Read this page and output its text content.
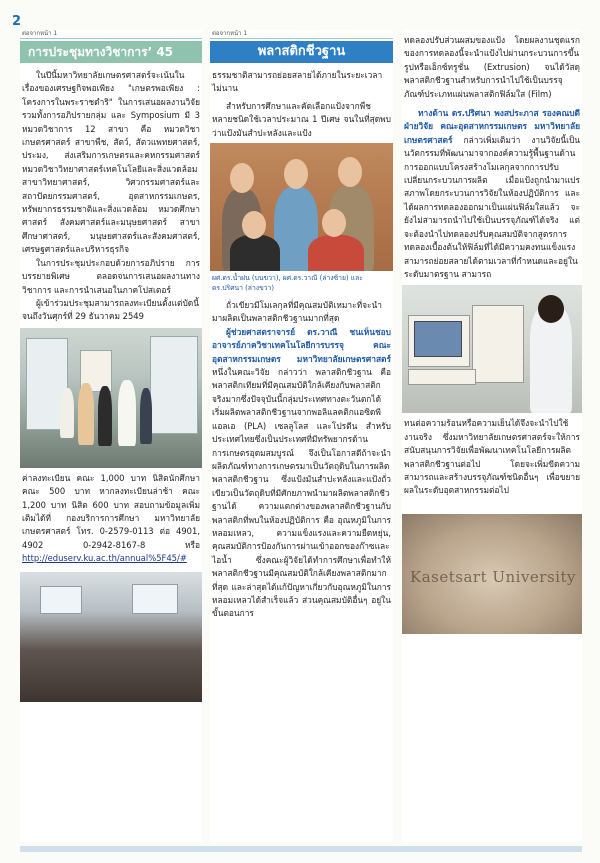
2
ต่อจากหน้า 1
การประชุมทางวิชาการ’ 45

ในปีนี้มหาวิทยาลัยเกษตรศาสตร์จะเน้นในเรื่องของเศรษฐกิจพอเพียง "เกษตรพอเพียง : โครงการในพระราชดำริ" ในการเสนอผลงานวิจัยรวมทั้งการอภิปรายกลุ่ม และ Symposium มี 3 หมวดวิชาการ 12 สาขา คือ หมวดวิชาเกษตรศาสตร์ สาขาพืช, สัตว์, สัตวแพทยศาสตร์, ประมง, ส่งเสริมการเกษตรและคหกรรมศาสตร์ หมวดวิชาวิทยาศาสตร์เทคโนโลยีและสิ่งแวดล้อม สาขาวิทยาศาสตร์, วิศวกรรมศาสตร์และสถาปัตยกรรมศาสตร์, อุตสาหกรรมเกษตร, ทรัพยากรธรรมชาติและสิ่งแวดล้อม หมวดศึกษาศาสตร์ สังคมศาสตร์และมนุษยศาสตร์ สาขาศึกษาศาสตร์, มนุษยศาสตร์และสังคมศาสตร์, เศรษฐศาสตร์และบริหารธุรกิจ

ในการประชุมประกอบด้วยการอภิปราย การบรรยายพิเศษ ตลอดจนการเสนอผลงานทางวิชาการ และการนำเสนอในภาคโปสเตอร์

ผู้เข้าร่วมประชุมสามารถลงทะเบียนตั้งแต่บัดนี้จนถึงวันศุกร์ที่ 29 ธันวาคม 2549

ค่าลงทะเบียน คณะ 1,000 บาท นิสิตนักศึกษา คณะ 500 บาท หากลงทะเบียนล่าช้า คณะ 1,200 บาท นิสิต 600 บาท สอบถามข้อมูลเพิ่มเติมได้ที่ กองบริการการศึกษา มหาวิทยาลัยเกษตรศาสตร์ โทร. 0-2579-0113 ต่อ 4901, 4902 0-2942-8167-8 หรือ http://eduserv.ku.ac.th/annual%5F45/#

ต่อจากหน้า 1
พลาสติกชีวฐาน

ธรรมชาติสามารถย่อยสลายได้ภายในระยะเวลาไม่นาน

สำหรับการศึกษาและคัดเลือกแป้งจากพืชหลายชนิดใช้เวลาประมาณ 1 ปีเศษ จนในที่สุดพบว่าแป้งมันสำปะหลังและแป้ง

ผศ.ดร.น้ำฝน (บนขวา), ผศ.ดร.วาณี (ล่างซ้าย) และ ดร.ปริศนา (ล่างขวา)

ถั่วเขียวมีโมเลกุลที่มีคุณสมบัติเหมาะที่จะนำมาผลิตเป็นพลาสติกชีวฐานมากที่สุด

ผู้ช่วยศาสตราจารย์ ดร.วาณี ชนเห็นชอบ อาจารย์ภาควิชาเทคโนโลยีการบรรจุ คณะอุตสาหกรรมเกษตร มหาวิทยาลัยเกษตรศาสตร์ หนึ่งในคณะวิจัย กล่าวว่า พลาสติกชีวฐาน คือ พลาสติกเทียมที่มีคุณสมบัติใกล้เคียงกับพลาสติกจริงมากซึ่งปัจจุบันนี้กลุ่มประเทศทางตะวันตกได้เริ่มผลิตพลาสติกชีวฐานจากพอลิแลคติกแอซิดพีแอลเอ (PLA) เซลลูโลส และโปรตีน สำหรับประเทศไทยซึ่งเป็นประเทศที่มีทรัพยากรด้านการเกษตรอุดมสมบูรณ์ จึงเป็นโอกาสดีถ้าจะนำผลิตภัณฑ์ทางการเกษตรมาเป็นวัตถุดิบในการผลิตพลาสติกชีวฐาน ซึ่งแป้งมันสำปะหลังและแป้งถั่วเขียวเป็นวัตถุดิบที่มีศักยภาพนำมาผลิตพลาสติกชีวฐานได้ ความแตกต่างของพลาสติกชีวฐานกับพลาสติกที่พบในห้องปฏิบัติการ คือ อุณหภูมิในการหลอมเหลว, ความแข็งแรงและความยืดหยุ่น, คุณสมบัติการป้องกันการผ่านเข้าออกของก๊าซและไอน้ำ ซึ่งคณะผู้วิจัยได้ทำการศึกษาเพื่อทำให้พลาสติกชีวฐานมีคุณสมบัติใกล้เคียงพลาสติกมากที่สุด และล่าสุดได้แก้ปัญหาเกี่ยวกับอุณหภูมิในการหลอมเหลวได้สำเร็จแล้ว ส่วนคุณสมบัติอื่นๆ อยู่ในขั้นตอนการ

ทดลองปรับส่วนผสมของแป้ง โดยผลงานชุดแรกของการทดลองนี้จะนำแป้งไปผ่านกระบวนการขึ้นรูปหรือเอ็กซ์ทรูชั่น (Extrusion) จนได้วัสดุพลาสติกชีวฐานสำหรับการนำไปใช้เป็นบรรจุภัณฑ์ประเภทแผ่นพลาสติกฟิล์มใส (Film)

ทางด้าน ดร.ปริศนา พงสประภาส รองคณบดีฝ่ายวิจัย คณะอุตสาหกรรมเกษตร มหาวิทยาลัยเกษตรศาสตร์ กล่าวเพิ่มเติมว่า งานวิจัยนี้เป็นนวัตกรรมที่พัฒนามาจากองค์ความรู้พื้นฐานด้านการออกแบบโครงสร้างโมเลกุลจากการปรับเปลี่ยนกระบวนการผลิต เมื่อแป้งถูกนำมาแปรสภาพโดยกระบวนการวิจัยในห้องปฏิบัติการ และได้ผลการทดลองออกมาเป็นแผ่นฟิล์มใสแล้ว จะยังไม่สามารถนำไปใช้เป็นบรรจุภัณฑ์ได้จริง แต่จะต้องนำไปทดลองปรับคุณสมบัติจากสูตรการทดลองเบื้องต้นให้ฟิล์มที่ได้มีความคงทนแข็งแรงสามารถย่อยสลายได้ตามเวลาที่กำหนดและอยู่ในระดับมาตรฐาน สามารถ

ทนต่อความร้อนหรือความเย็นได้จึงจะนำไปใช้งานจริง ซึ่งมหาวิทยาลัยเกษตรศาสตร์จะให้การสนับสนุนการวิจัยเพื่อพัฒนาเทคโนโลยีการผลิตพลาสติกชีวฐานต่อไป โดยจะเพิ่มขีดความสามารถและสร้างบรรจุภัณฑ์ชนิดอื่นๆ เพื่อขยายผลในระดับอุตสาหกรรมต่อไป

Kasetsart University
